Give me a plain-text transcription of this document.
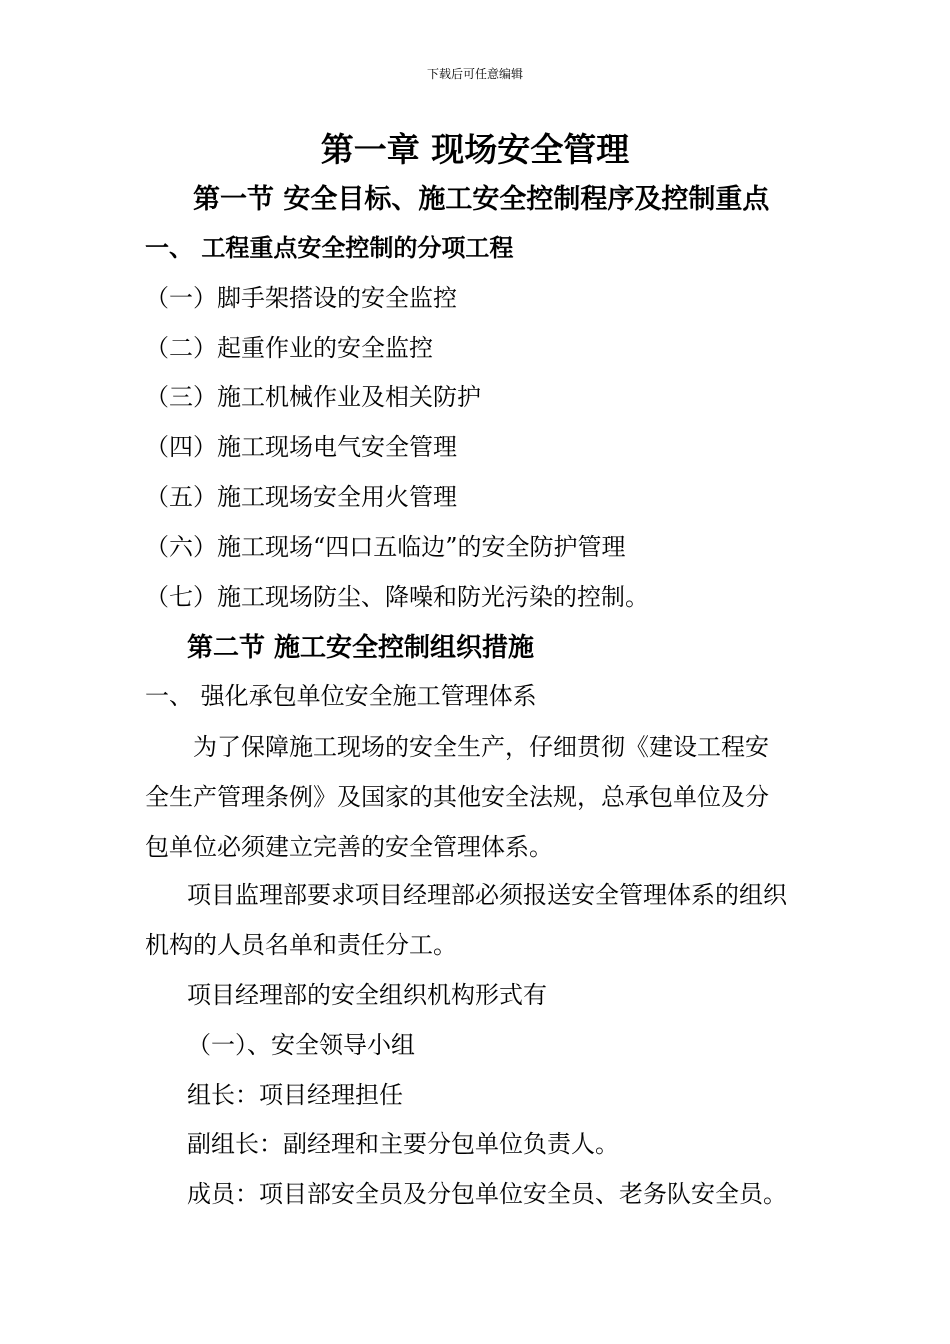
下载后可任意编辑
第一章 现场安全管理
第一节 安全目标、施工安全控制程序及控制重点
一、 工程重点安全控制的分项工程
（一）脚手架搭设的安全监控
（二）起重作业的安全监控
（三）施工机械作业及相关防护
（四）施工现场电气安全管理
（五）施工现场安全用火管理
（六）施工现场“四口五临边”的安全防护管理
（七）施工现场防尘、降噪和防光污染的控制。
第二节 施工安全控制组织措施
一、 强化承包单位安全施工管理体系
为了保障施工现场的安全生产，仔细贯彻《建设工程安
全生产管理条例》及国家的其他安全法规，总承包单位及分
包单位必须建立完善的安全管理体系。
项目监理部要求项目经理部必须报送安全管理体系的组织
机构的人员名单和责任分工。
项目经理部的安全组织机构形式有
（一）、安全领导小组
组长：项目经理担任
副组长：副经理和主要分包单位负责人。
成员：项目部安全员及分包单位安全员、老务队安全员。
